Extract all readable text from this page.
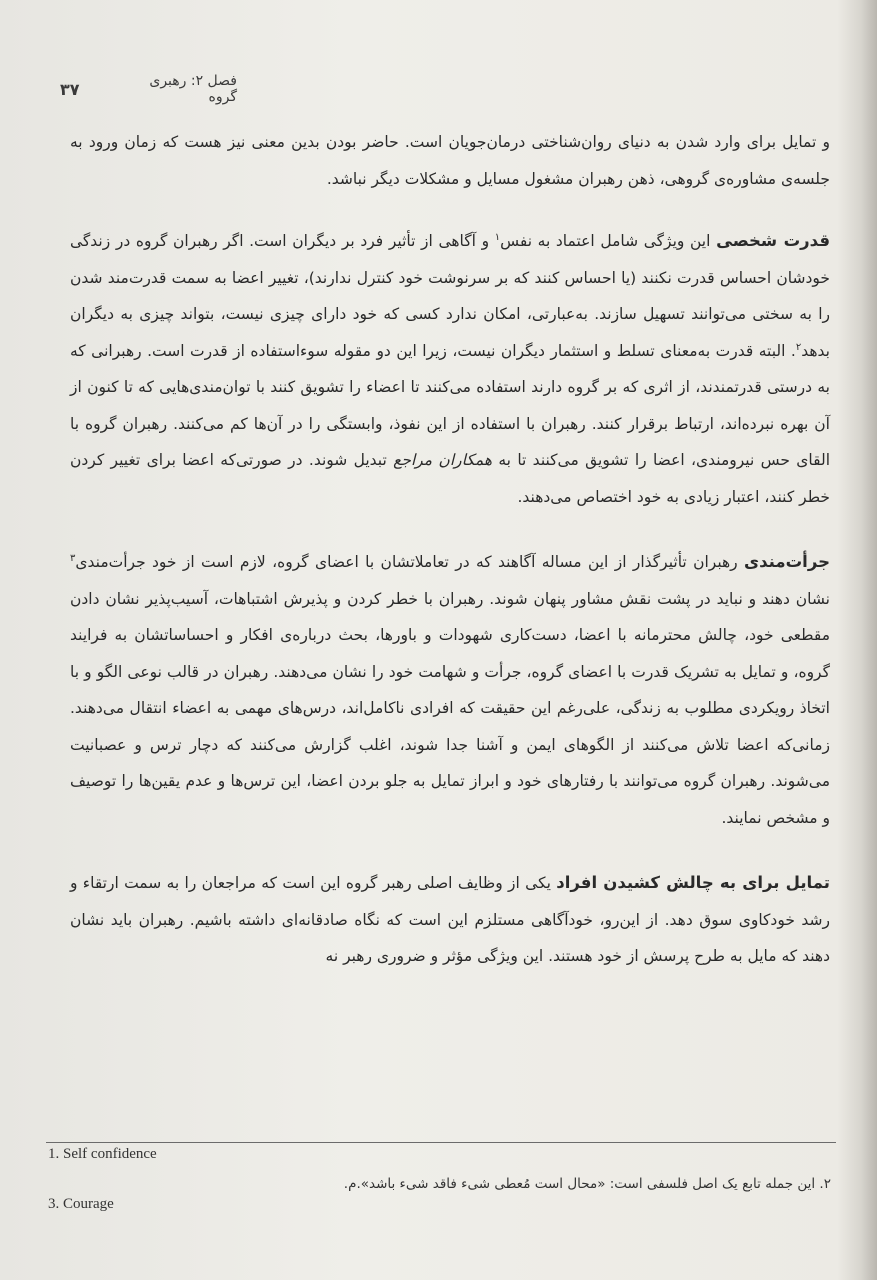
فصل ۲: رهبری گروه
۳۷

و تمایل برای وارد شدن به دنیای روان‌شناختی درمان‌جویان است. حاضر بودن بدین معنی نیز هست که زمان ورود به جلسه‌ی مشاوره‌ی گروهی، ذهن رهبران مشغول مسایل و مشکلات دیگر نباشد.

قدرت شخصی این ویژگی شامل اعتماد به نفس$^۱$ و آگاهی از تأثیر فرد بر دیگران است. اگر رهبران گروه در زندگی خودشان احساس قدرت نکنند (یا احساس کنند که بر سرنوشت خود کنترل ندارند)، تغییر اعضا به سمت قدرت‌مند شدن را به سختی می‌توانند تسهیل سازند. به‌عبارتی، امکان ندارد کسی که خود دارای چیزی نیست، بتواند چیزی به دیگران بدهد$^۲$. البته قدرت به‌معنای تسلط و استثمار دیگران نیست، زیرا این دو مقوله سوءاستفاده از قدرت است. رهبرانی که به درستی قدرتمندند، از اثری که بر گروه دارند استفاده می‌کنند تا اعضاء را تشویق کنند با توان‌مندی‌هایی که تا کنون از آن بهره نبرده‌اند، ارتباط برقرار کنند. رهبران با استفاده از این نفوذ، وابستگی را در آن‌ها کم می‌کنند. رهبران گروه با القای حس نیرومندی، اعضا را تشویق می‌کنند تا به همکاران مراجع تبدیل شوند. در صورتی‌که اعضا برای تغییر کردن خطر کنند، اعتبار زیادی به خود اختصاص می‌دهند.

جرأت‌مندی رهبران تأثیرگذار از این مساله آگاهند که در تعاملاتشان با اعضای گروه، لازم است از خود جرأت‌مندی$^۳$ نشان دهند و نباید در پشت نقش مشاور پنهان شوند. رهبران با خطر کردن و پذیرش اشتباهات، آسیب‌پذیر نشان دادن مقطعی خود، چالش محترمانه با اعضا، دست‌کاری شهودات و باورها، بحث درباره‌ی افکار و احساساتشان به فرایند گروه، و تمایل به تشریک قدرت با اعضای گروه، جرأت و شهامت خود را نشان می‌دهند. رهبران در قالب نوعی الگو و با اتخاذ رویکردی مطلوب به زندگی، علی‌رغم این حقیقت که افرادی ناکامل‌اند، درس‌های مهمی به اعضاء انتقال می‌دهند. زمانی‌که اعضا تلاش می‌کنند از الگوهای ایمن و آشنا جدا شوند، اغلب گزارش می‌کنند که دچار ترس و عصبانیت می‌شوند. رهبران گروه می‌توانند با رفتارهای خود و ابراز تمایل به جلو بردن اعضا، این ترس‌ها و عدم یقین‌ها را توصیف و مشخص نمایند.

تمایل برای به چالش کشیدن افراد یکی از وظایف اصلی رهبر گروه این است که مراجعان را به سمت ارتقاء و رشد خودکاوی سوق دهد. از این‌رو، خودآگاهی مستلزم این است که نگاه صادقانه‌ای داشته باشیم. رهبران باید نشان دهند که مایل به طرح پرسش از خود هستند. این ویژگی مؤثر و ضروری رهبر نه

1. Self confidence
۲. این جمله تابع یک اصل فلسفی است: «محال است مُعطی شیء فاقد شیء باشد».م.
3. Courage
